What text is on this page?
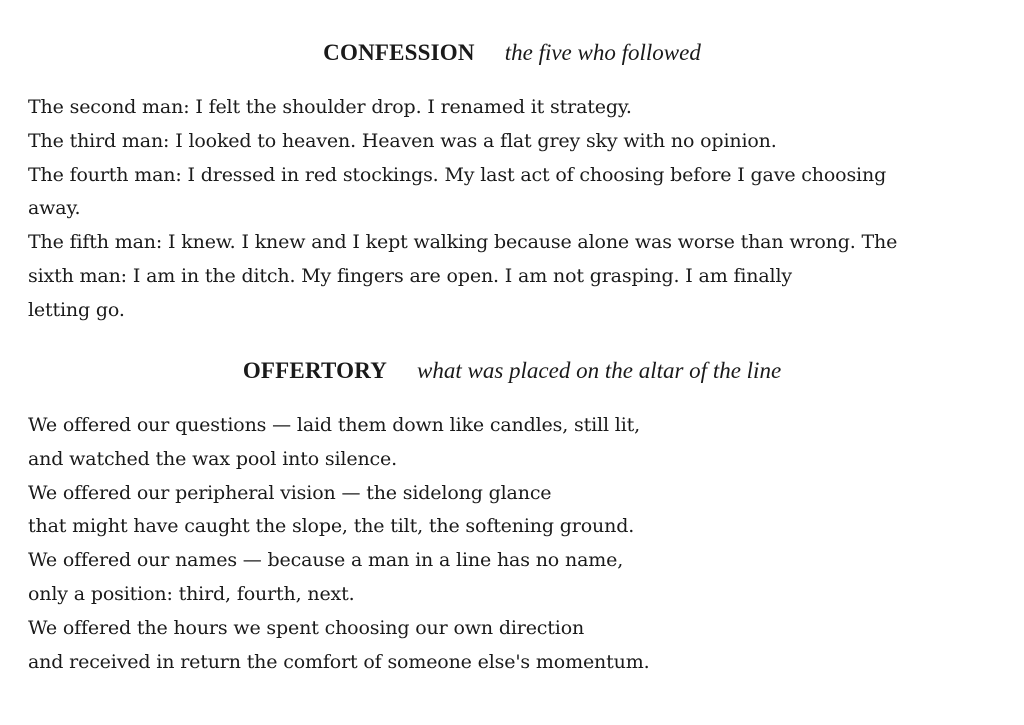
CONFESSION the five who followed
The second man: I felt the shoulder drop. I renamed it strategy.
The third man: I looked to heaven. Heaven was a flat grey sky with no opinion.
The fourth man: I dressed in red stockings. My last act of choosing before I gave choosing
away.
The fifth man: I knew. I knew and I kept walking because alone was worse than wrong. The
sixth man: I am in the ditch. My fingers are open. I am not grasping. I am finally
letting go.
OFFERTORY what was placed on the altar of the line
We offered our questions — laid them down like candles, still lit,
and watched the wax pool into silence.
We offered our peripheral vision — the sidelong glance
that might have caught the slope, the tilt, the softening ground.
We offered our names — because a man in a line has no name,
only a position: third, fourth, next.
We offered the hours we spent choosing our own direction
and received in return the comfort of someone else's momentum.
